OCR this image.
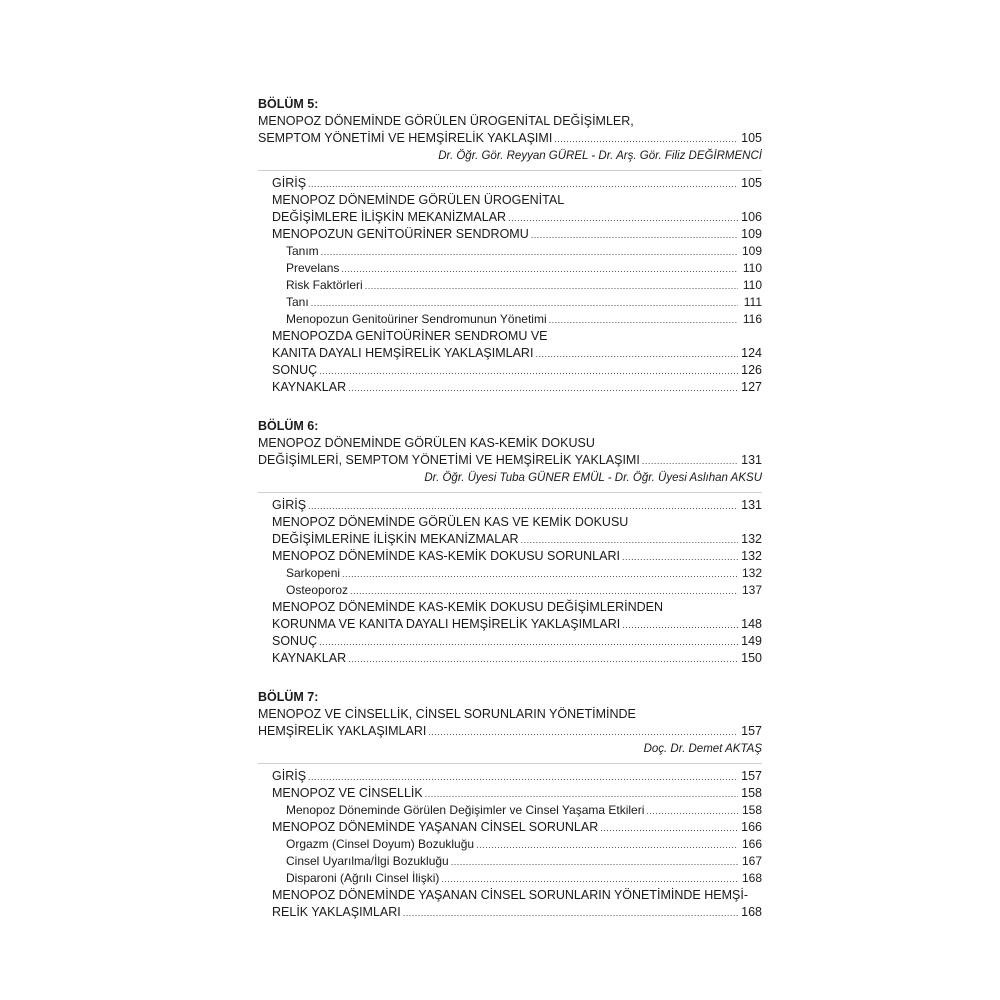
BÖLÜM 5:
MENOPOZ DÖNEMİNDE GÖRÜLEN ÜROGENİTAL DEĞİŞİMLER,
SEMPTOM YÖNETİMİ VE HEMŞİRELİK YAKLAŞIMI .....	105
Dr. Öğr. Gör. Reyyan GÜREL - Dr. Arş. Gör. Filiz DEĞİRMENCİ
GİRİŞ .....	105
MENOPOZ DÖNEMİNDE GÖRÜLEN ÜROGENİTAL
DEĞİŞİMLERE İLİŞKİN MEKANİZMALAR .....	106
MENOPOZUN GENİTOÜRİNER SENDROMU .....	109
Tanım .....	109
Prevelans .....	110
Risk Faktörleri .....	110
Tanı .....	111
Menopozun Genitoüriner Sendromunun Yönetimi .....	116
MENOPOZDA GENİTOÜRİNER SENDROMU VE
KANITA DAYALI HEMŞİRELİK YAKLAŞIMLARI .....	124
SONUÇ .....	126
KAYNAKLAR .....	127
BÖLÜM 6:
MENOPOZ DÖNEMİNDE GÖRÜLEN KAS-KEMİK DOKUSU
DEĞİŞİMLERİ, SEMPTOM YÖNETİMİ VE HEMŞİRELİK YAKLAŞIMI .....	131
Dr. Öğr. Üyesi Tuba GÜNER EMÜL - Dr. Öğr. Üyesi Aslıhan AKSU
GİRİŞ .....	131
MENOPOZ DÖNEMİNDE GÖRÜLEN KAS VE KEMİK DOKUSU
DEĞİŞİMLERİNE İLİŞKİN MEKANİZMALAR .....	132
MENOPOZ DÖNEMİNDE KAS-KEMİK DOKUSU SORUNLARI .....	132
Sarkopeni .....	132
Osteoporoz .....	137
MENOPOZ DÖNEMİNDE KAS-KEMİK DOKUSU DEĞİŞİMLERİNDEN
KORUNMA VE KANITA DAYALI HEMŞİRELİK YAKLAŞIMLARI .....	148
SONUÇ .....	149
KAYNAKLAR .....	150
BÖLÜM 7:
MENOPOZ VE CİNSELLİK, CİNSEL SORUNLARIN YÖNETİMİNDE
HEMŞİRELİK YAKLAŞIMLARI .....	157
Doç. Dr. Demet AKTAŞ
GİRİŞ .....	157
MENOPOZ VE CİNSELLİK .....	158
Menopoz Döneminde Görülen Değişimler ve Cinsel Yaşama Etkileri .....	158
MENOPOZ DÖNEMİNDE YAŞANAN CİNSEL SORUNLAR .....	166
Orgazm (Cinsel Doyum) Bozukluğu .....	166
Cinsel Uyarılma/İlgi Bozukluğu .....	167
Disparoni (Ağrılı Cinsel İlişki) .....	168
MENOPOZ DÖNEMİNDE YAŞANAN CİNSEL SORUNLARIN YÖNETİMİNDE HEMŞİ-
RELİK YAKLAŞIMLARI .....	168
